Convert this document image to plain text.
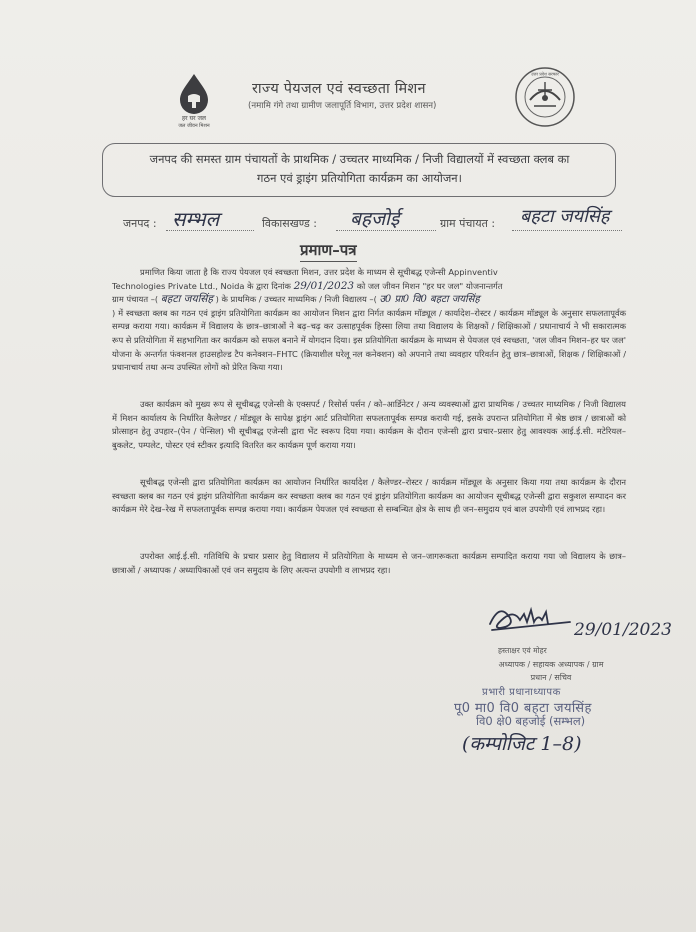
हर घर जल
जल जीवन मिशन
राज्य पेयजल एवं स्वच्छता मिशन
(नमामि गंगे तथा ग्रामीण जलापूर्ति विभाग, उत्तर प्रदेश शासन)
उत्तर प्रदेश सरकार
जनपद की समस्त ग्राम पंचायतों के प्राथमिक / उच्चतर माध्यमिक / निजी विद्यालयों में स्वच्छता क्लब का
गठन एवं ड्राइंग प्रतियोगिता कार्यक्रम का आयोजन।
जनपद : सम्भल	विकासखण्ड : बहजोई	ग्राम पंचायत : बहटा जयसिंह
प्रमाण–पत्र

प्रमाणित किया जाता है कि राज्य पेयजल एवं स्वच्छता मिशन, उत्तर प्रदेश के माध्यम से सूचीबद्ध एजेन्सी Appinventiv

Technologies Private Ltd., Noida के द्वारा दिनांक 29/01/2023 को जल जीवन मिशन "हर घर जल" योजनान्तर्गत

ग्राम पंचायत –( बहटा जयसिंह ) के प्राथमिक / उच्चतर माध्यमिक / निजी विद्यालय –( उ0 प्रा0 वि0 बहटा जयसिंह

) में स्वच्छता क्लब का गठन एवं ड्राइंग प्रतियोगिता कार्यक्रम का आयोजन मिशन द्वारा निर्गत कार्यक्रम मॉड्यूल / कार्यादेश–रोस्टर / कार्यक्रम मॉड्यूल के अनुसार सफलतापूर्वक सम्पन्न कराया गया। कार्यक्रम में विद्यालय के छात्र–छात्राओं ने बढ़–चढ़ कर उत्साहपूर्वक हिस्सा लिया तथा विद्यालय के शिक्षकों / शिक्षिकाओं / प्रधानाचार्य ने भी सकारात्मक रूप से प्रतियोगिता में सहभागिता कर कार्यक्रम को सफल बनाने में योगदान दिया। इस प्रतियोगिता कार्यक्रम के माध्यम से पेयजल एवं स्वच्छता, 'जल जीवन मिशन–हर घर जल' योजना के अन्तर्गत फंक्शनल हाउसहोल्ड टैप कनेक्शन–FHTC (क्रियाशील घरेलू नल कनेक्शन) को अपनाने तथा व्यवहार परिवर्तन हेतु छात्र–छात्राओं, शिक्षक / शिक्षिकाओं / प्रधानाचार्य तथा अन्य उपस्थित लोगों को प्रेरित किया गया।

उक्त कार्यक्रम को मुख्य रूप से सूचीबद्ध एजेन्सी के एक्सपर्ट / रिसोर्स पर्सन / को–आर्डिनेटर / अन्य व्यवस्थाओं द्वारा प्राथमिक / उच्चतर माध्यमिक / निजी विद्यालय में मिशन कार्यालय के निर्धारित कैलेण्डर / मॉड्यूल के सापेक्ष ड्राइंग आर्ट प्रतियोगिता सफलतापूर्वक सम्पन्न करायी गई, इसके उपरान्त प्रतियोगिता में श्रेष्ठ छात्र / छात्राओं को प्रोत्साहन हेतु उपहार–(पेन / पेन्सिल) भी सूचीबद्ध एजेन्सी द्वारा भेंट स्वरूप दिया गया। कार्यक्रम के दौरान एजेन्सी द्वारा प्रचार–प्रसार हेतु आवश्यक आई.ई.सी. मटेरियल–बुकलेट, पम्पलेट, पोस्टर एवं स्टीकर इत्यादि वितरित कर कार्यक्रम पूर्ण कराया गया।

सूचीबद्ध एजेन्सी द्वारा प्रतियोगिता कार्यक्रम का आयोजन निर्धारित कार्यादेश / कैलेण्डर–रोस्टर / कार्यक्रम मॉड्यूल के अनुसार किया गया तथा कार्यक्रम के दौरान स्वच्छता क्लब का गठन एवं ड्राइंग प्रतियोगिता कार्यक्रम कर स्वच्छता क्लब का गठन एवं ड्राइंग प्रतियोगिता कार्यक्रम का आयोजन सूचीबद्ध एजेन्सी द्वारा सकुशल सम्पादन कर कार्यक्रम मेरे देख–रेख में सफलतापूर्वक सम्पन्न कराया गया। कार्यक्रम पेयजल एवं स्वच्छता से सम्बन्धित क्षेत्र के साथ ही जन–समुदाय एवं बाल उपयोगी एवं लाभप्रद रहा।

उपरोक्त आई.ई.सी. गतिविधि के प्रचार प्रसार हेतु विद्यालय में प्रतियोगिता के माध्यम से जन–जागरूकता कार्यक्रम सम्पादित कराया गया जो विद्यालय के छात्र–छात्राओं / अध्यापक / अध्यापिकाओं एवं जन समुदाय के लिए अत्यन्त उपयोगी व लाभप्रद रहा।

29/01/2023
हस्ताक्षर एवं मोहर
अध्यापक / सहायक अध्यापक / ग्राम
प्रधान / सचिव
प्रभारी प्रधानाध्यापक
पू0 मा0 वि0 बहटा जयसिंह
वि0 क्षे0 बहजोई (सम्भल)
(कम्पोजिट 1–8)
